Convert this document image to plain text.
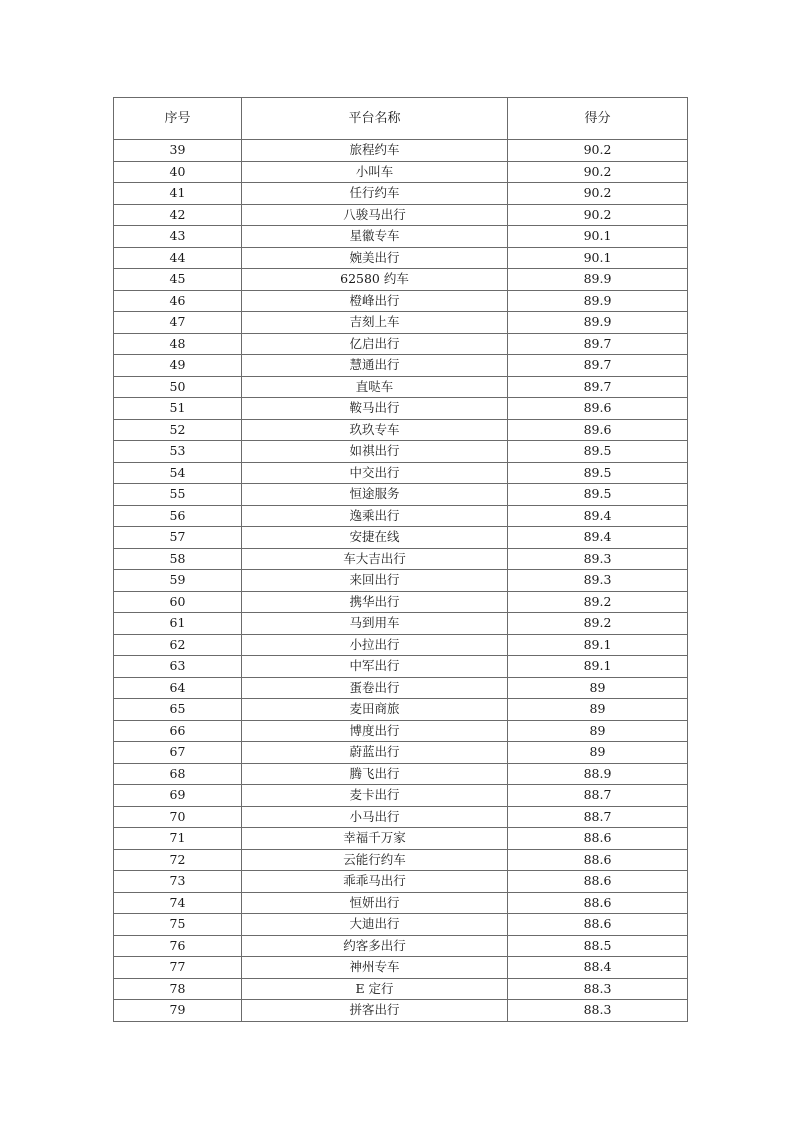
序号	平台名称	得分
39	旅程约车	90.2
40	小叫车	90.2
41	任行约车	90.2
42	八骏马出行	90.2
43	星徽专车	90.1
44	婉美出行	90.1
45	62580 约车	89.9
46	橙峰出行	89.9
47	吉刻上车	89.9
48	亿启出行	89.7
49	慧通出行	89.7
50	直哒车	89.7
51	鞍马出行	89.6
52	玖玖专车	89.6
53	如祺出行	89.5
54	中交出行	89.5
55	恒途服务	89.5
56	逸乘出行	89.4
57	安捷在线	89.4
58	车大吉出行	89.3
59	来回出行	89.3
60	携华出行	89.2
61	马到用车	89.2
62	小拉出行	89.1
63	中军出行	89.1
64	蛋卷出行	89
65	麦田商旅	89
66	博度出行	89
67	蔚蓝出行	89
68	腾飞出行	88.9
69	麦卡出行	88.7
70	小马出行	88.7
71	幸福千万家	88.6
72	云能行约车	88.6
73	乖乖马出行	88.6
74	恒妍出行	88.6
75	大迪出行	88.6
76	约客多出行	88.5
77	神州专车	88.4
78	E 定行	88.3
79	拼客出行	88.3
